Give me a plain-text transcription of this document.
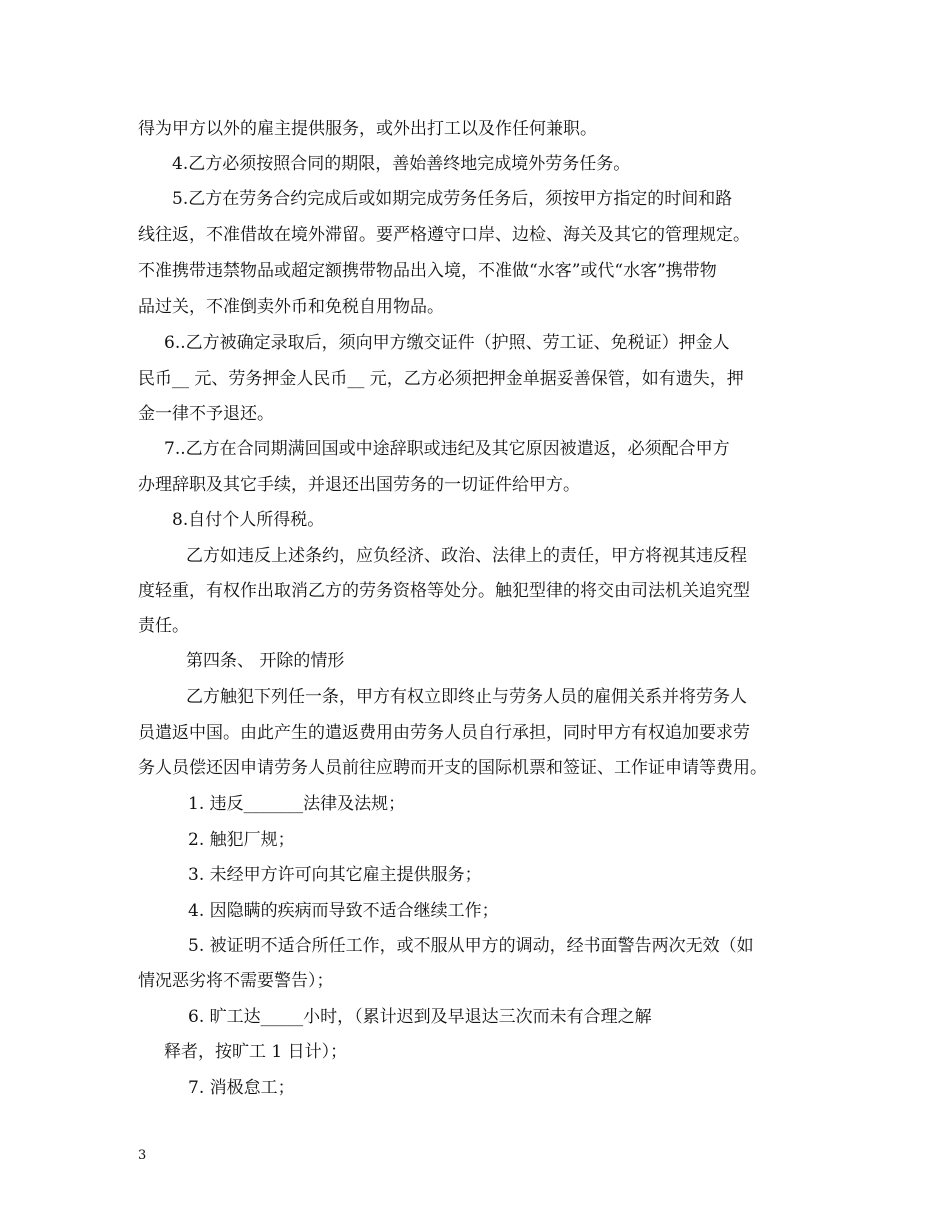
得为甲方以外的雇主提供服务，或外出打工以及作任何兼职。
4.乙方必须按照合同的期限，善始善终地完成境外劳务任务。
5.乙方在劳务合约完成后或如期完成劳务任务后，须按甲方指定的时间和路
线往返，不准借故在境外滞留。要严格遵守口岸、边检、海关及其它的管理规定。
不准携带违禁物品或超定额携带物品出入境，不准做“水客”或代“水客”携带物
品过关，不准倒卖外币和免税自用物品。
6..乙方被确定录取后，须向甲方缴交证件（护照、劳工证、免税证）押金人
民币__ 元、劳务押金人民币__ 元，乙方必须把押金单据妥善保管，如有遗失，押
金一律不予退还。
7..乙方在合同期满回国或中途辞职或违纪及其它原因被遣返，必须配合甲方
办理辞职及其它手续，并退还出国劳务的一切证件给甲方。
8.自付个人所得税。
乙方如违反上述条约，应负经济、政治、法律上的责任，甲方将视其违反程
度轻重，有权作出取消乙方的劳务资格等处分。触犯型律的将交由司法机关追究型
责任。
第四条、 开除的情形
乙方触犯下列任一条，甲方有权立即终止与劳务人员的雇佣关系并将劳务人
员遣返中国。由此产生的遣返费用由劳务人员自行承担，同时甲方有权追加要求劳
务人员偿还因申请劳务人员前往应聘而开支的国际机票和签证、工作证申请等费用。
1. 违反_______法律及法规；
2. 触犯厂规；
3. 未经甲方许可向其它雇主提供服务；
4. 因隐瞒的疾病而导致不适合继续工作；
5. 被证明不适合所任工作，或不服从甲方的调动，经书面警告两次无效（如
情况恶劣将不需要警告）；
6. 旷工达_____小时，（累计迟到及早退达三次而未有合理之解
释者，按旷工 1 日计）；
7. 消极怠工；
3
